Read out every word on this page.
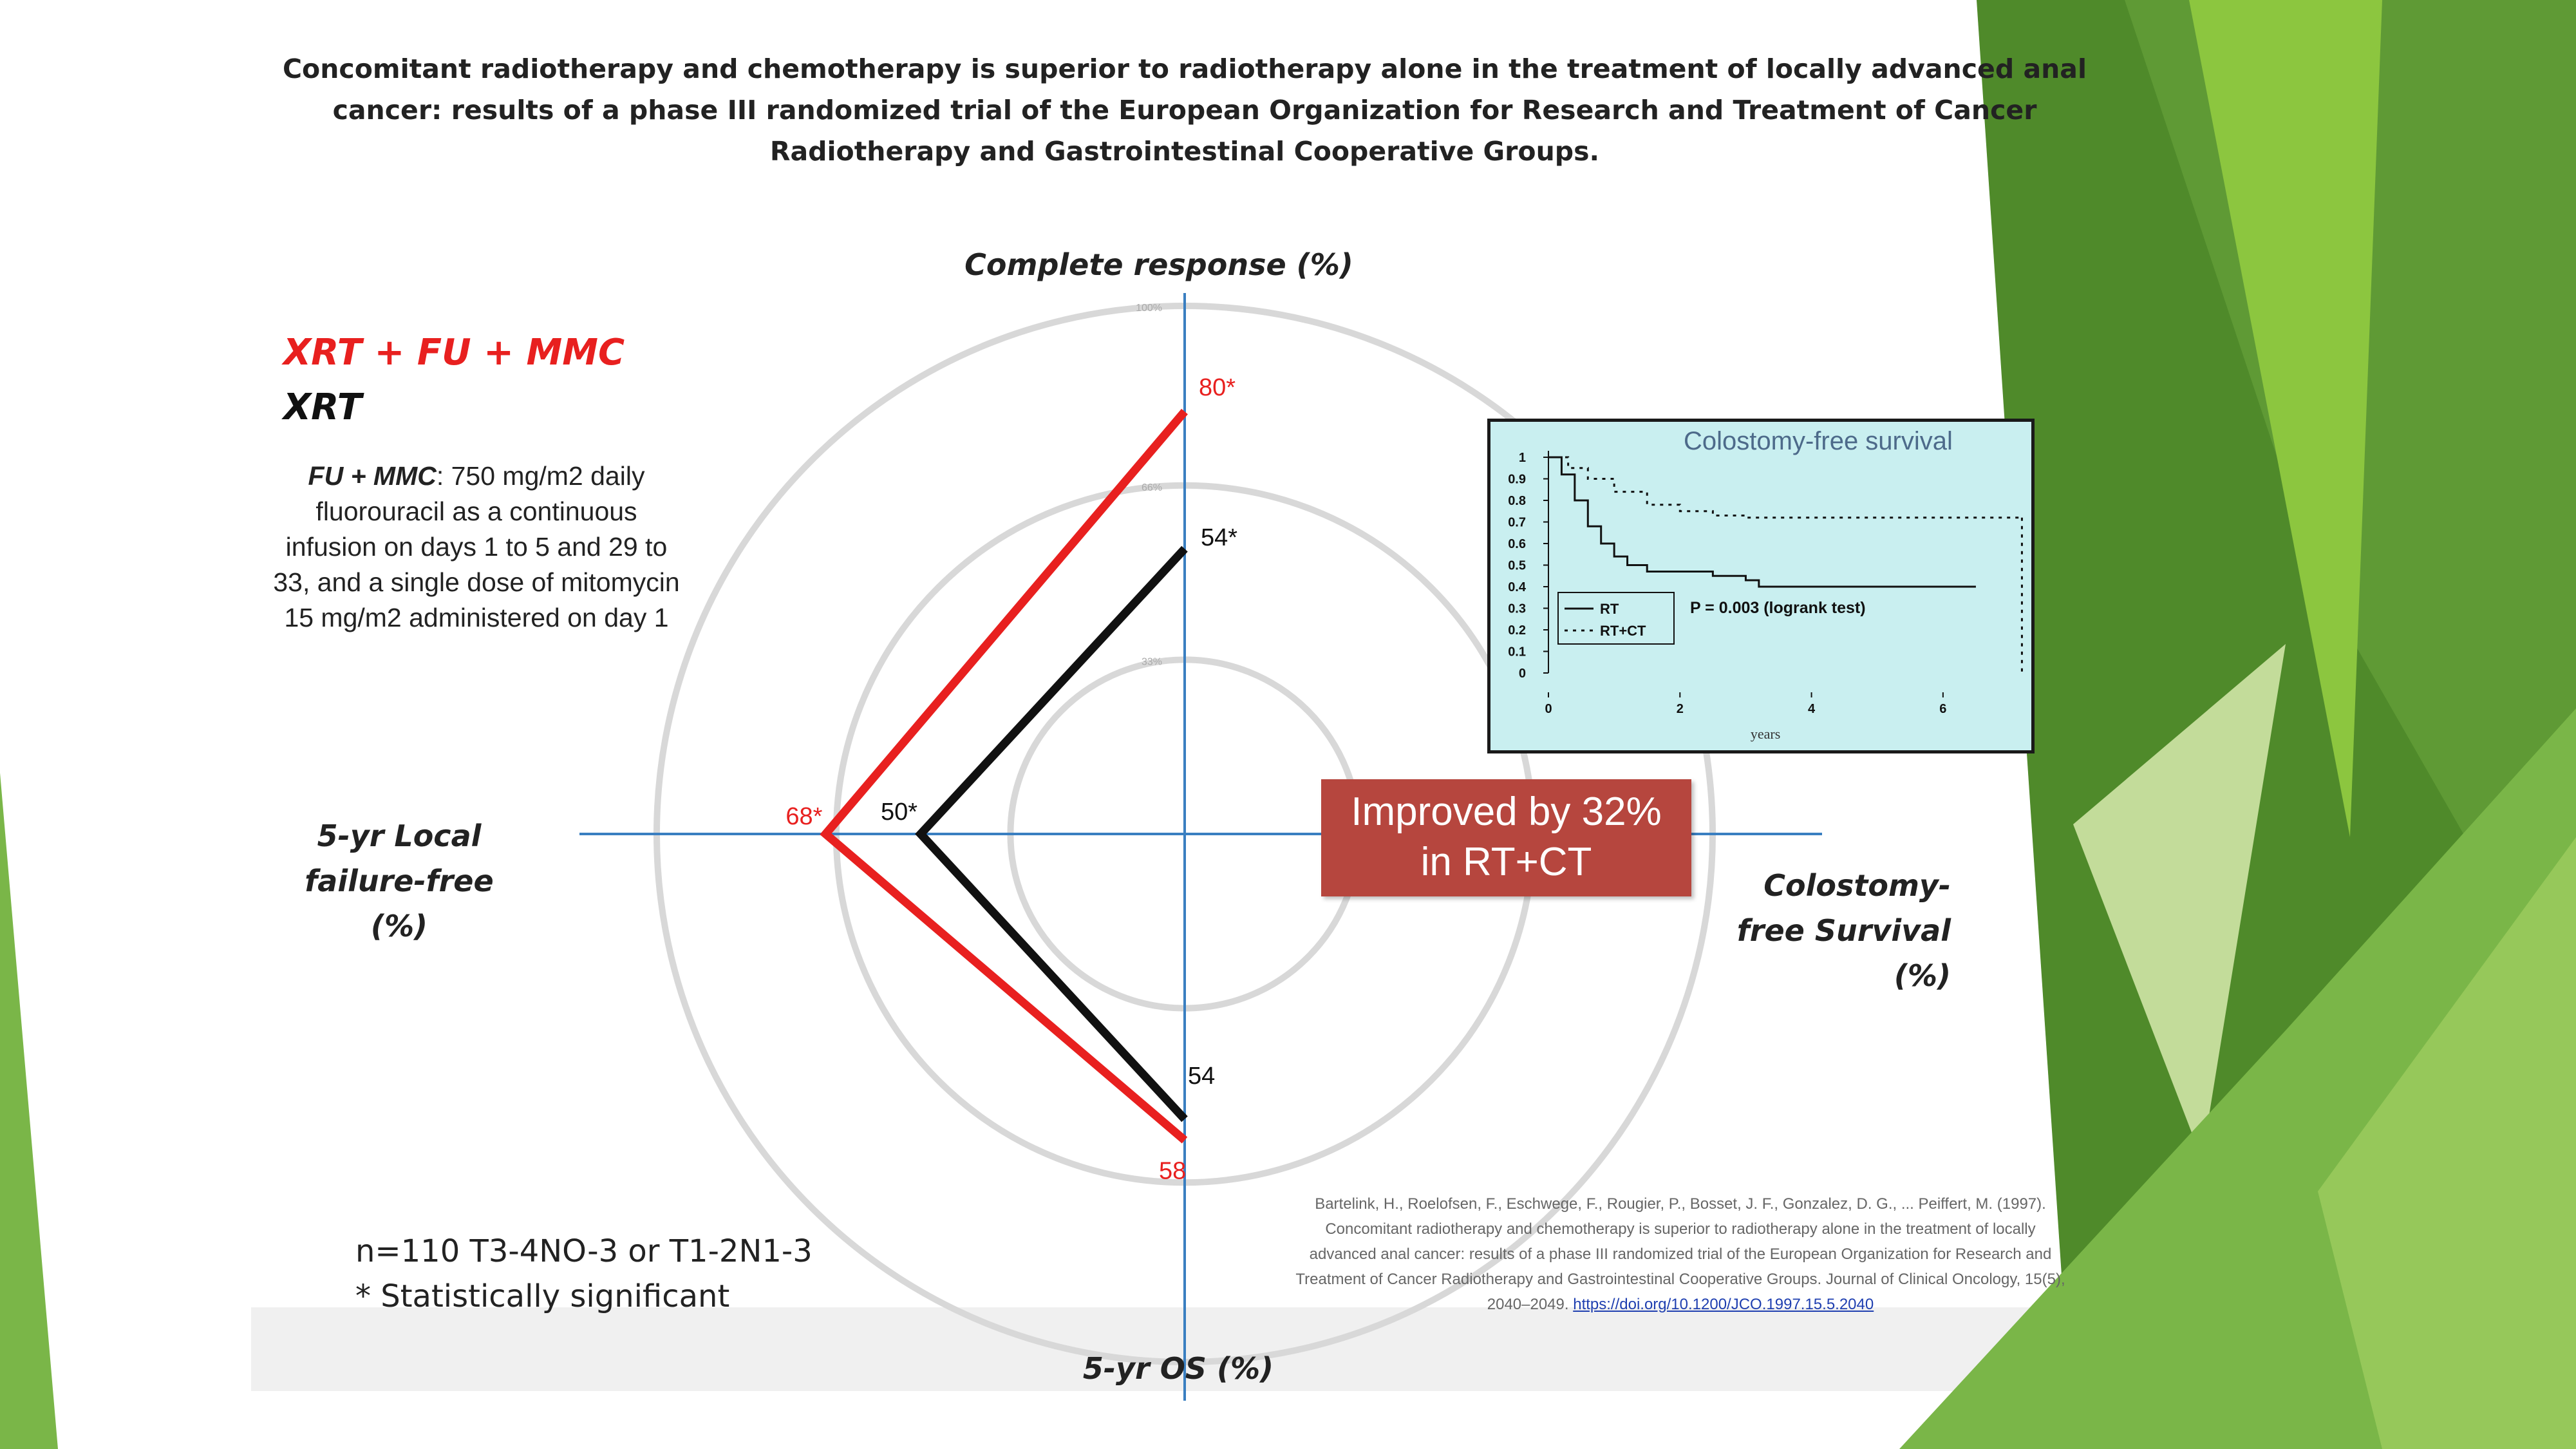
Concomitant radiotherapy and chemotherapy is superior to radiotherapy alone in the treatment of locally advanced anal cancer: results of a phase III randomized trial of the European Organization for Research and Treatment of Cancer Radiotherapy and Gastrointestinal Cooperative Groups.
XRT + FU + MMC
XRT
FU + MMC: 750 mg/m2 daily fluorouracil as a continuous infusion on days 1 to 5 and 29 to 33, and a single dose of mitomycin 15 mg/m2 administered on day 1
100%
66%
33%
80*
68*
58
54*
50*
54
Complete response (%)
5-yr Local failure-free (%)
5-yr OS (%)
Colostomy-free Survival (%)
0
0.1
0.2
0.3
0.4
0.5
0.6
0.7
0.8
0.9
1
0	2	4	6
years
RT
RT+CT
Colostomy-free survival
P = 0.003 (logrank test)
Improved by 32%
in RT+CT
n=110 T3-4NO-3 or T1-2N1-3
* Statistically significant
Bartelink, H., Roelofsen, F., Eschwege, F., Rougier, P., Bosset, J. F., Gonzalez, D. G., ... Peiffert, M. (1997). Concomitant radiotherapy and chemotherapy is superior to radiotherapy alone in the treatment of locally advanced anal cancer: results of a phase III randomized trial of the European Organization for Research and Treatment of Cancer Radiotherapy and Gastrointestinal Cooperative Groups. Journal of Clinical Oncology, 15(5), 2040–2049. https://doi.org/10.1200/JCO.1997.15.5.2040
